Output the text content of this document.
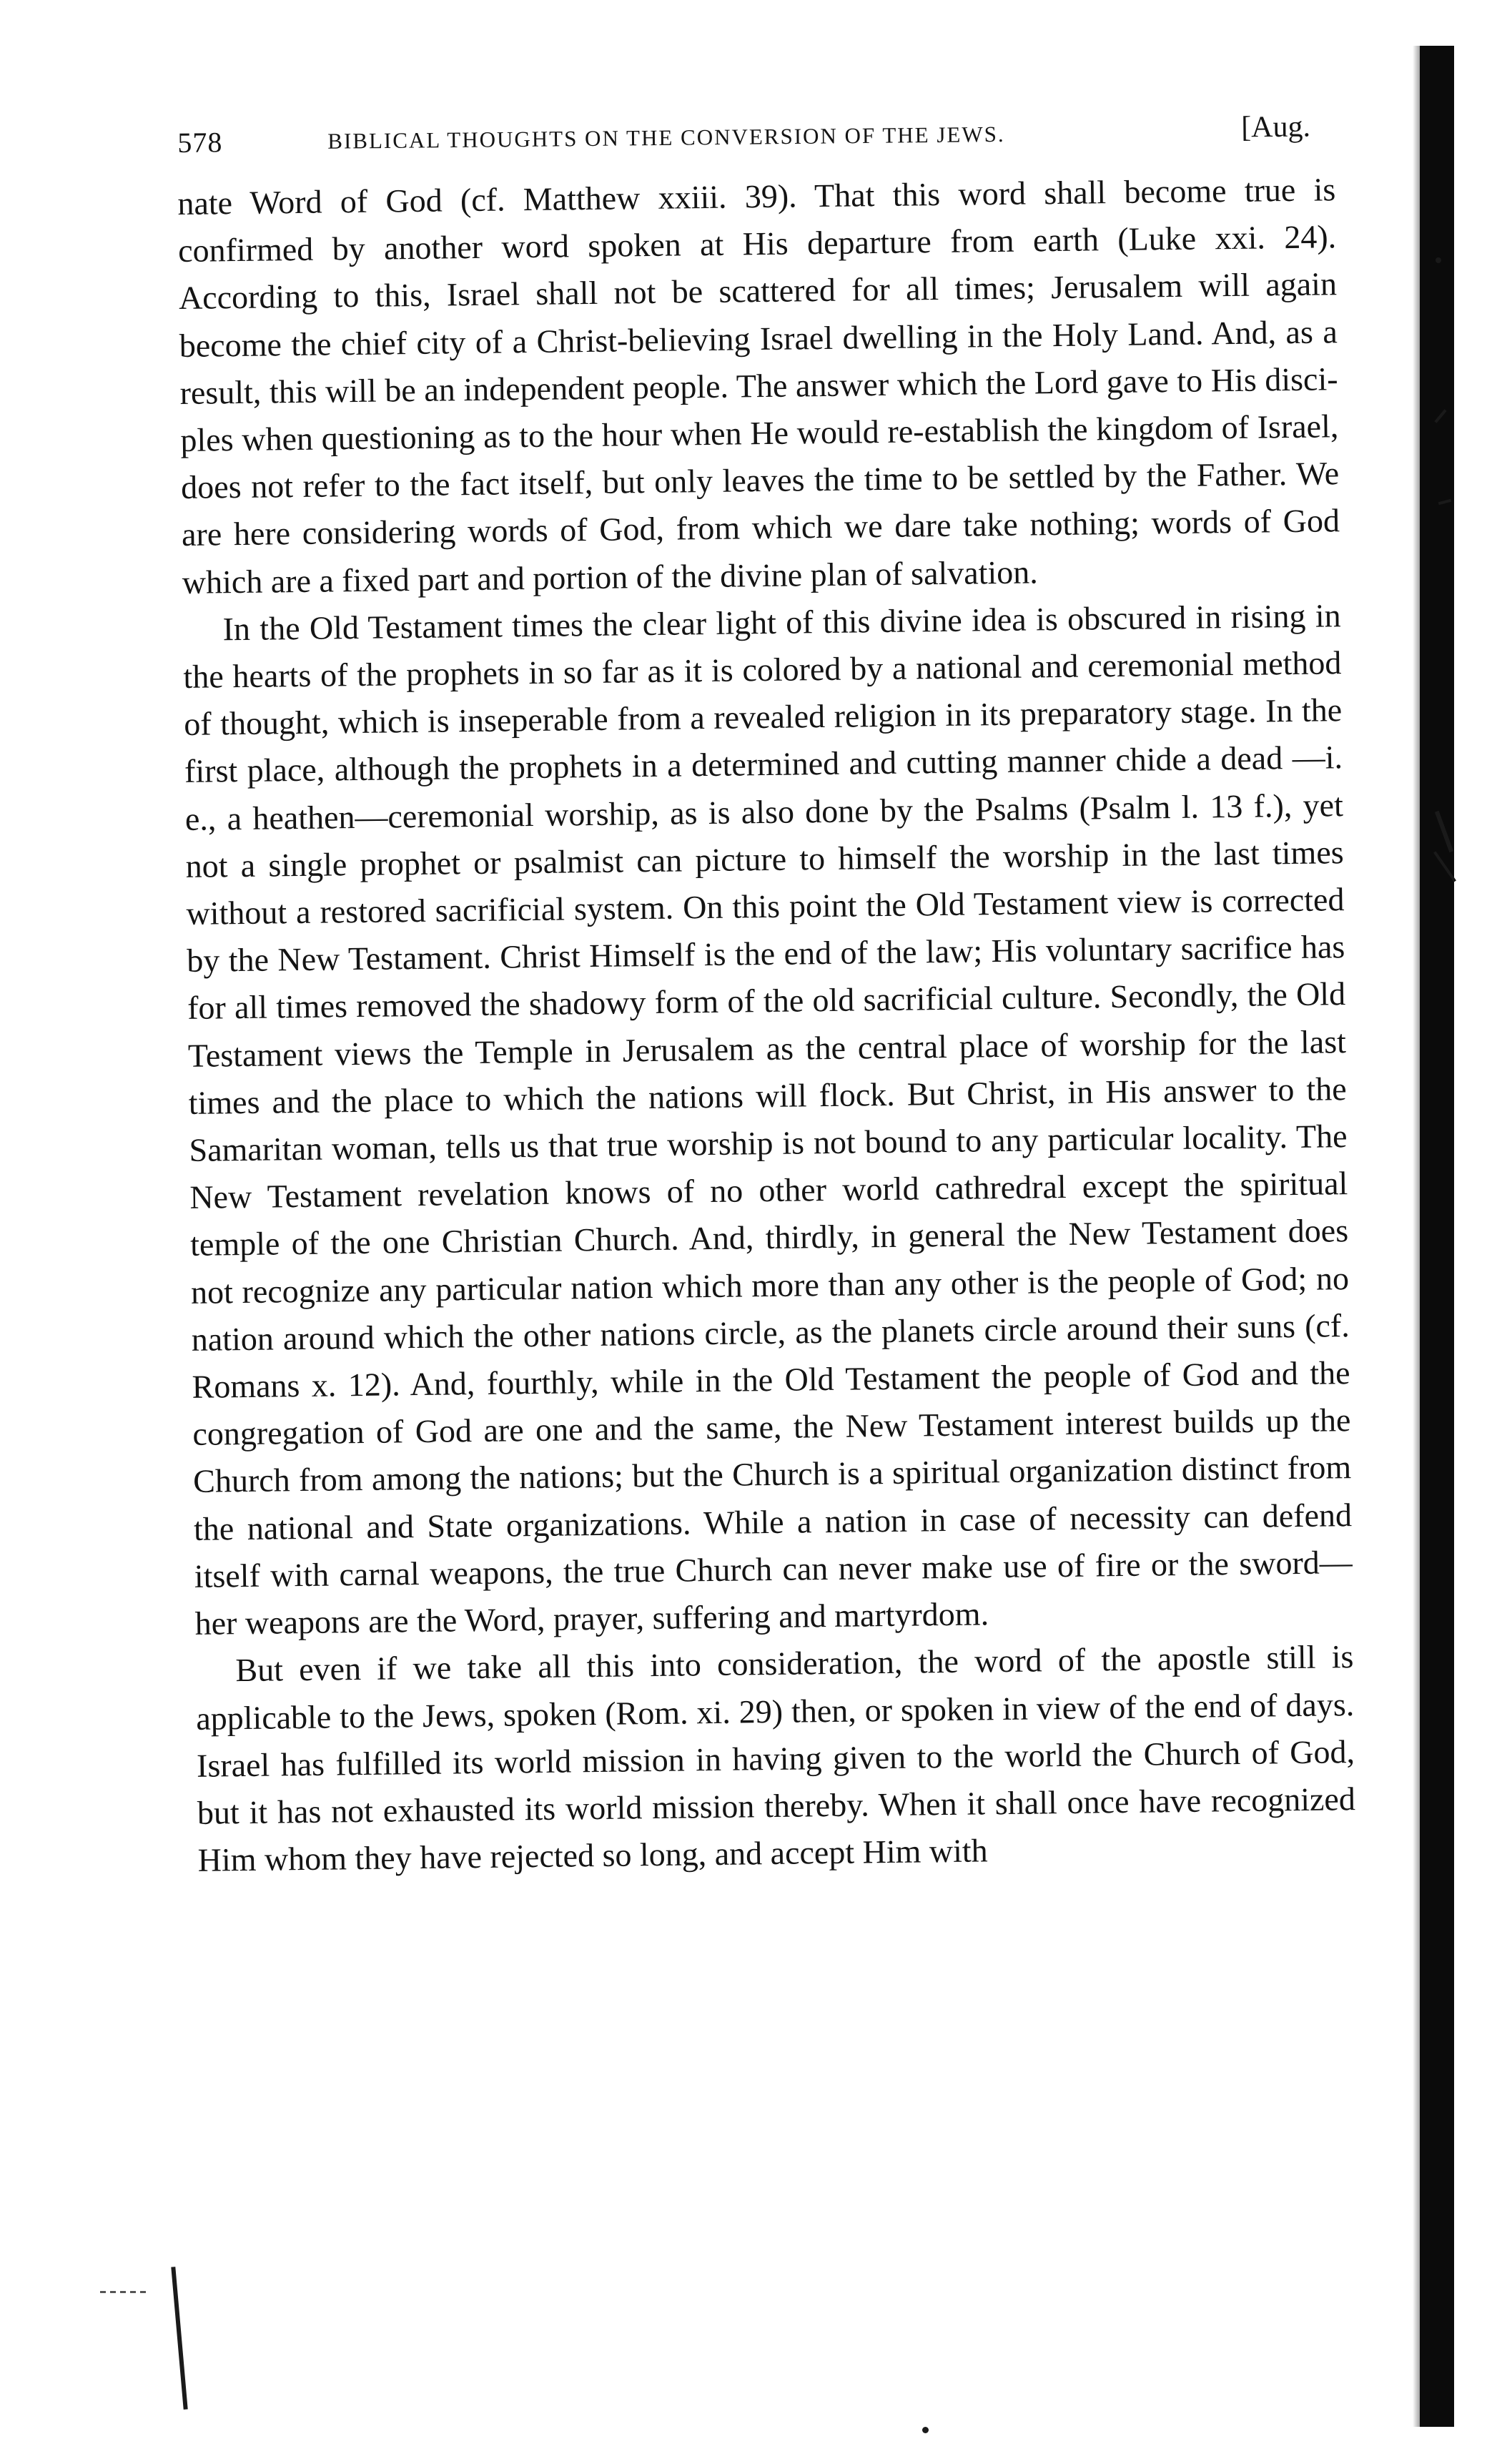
578	BIBLICAL THOUGHTS ON THE CONVERSION OF THE JEWS.	[Aug.

nate Word of God (cf. Matthew xxiii. 39). That this word shall become true is confirmed by another word spoken at His departure from earth (Luke xxi. 24). According to this, Israel shall not be scattered for all times; Jerusalem will again become the chief city of a Christ-believing Israel dwelling in the Holy Land. And, as a result, this will be an independent people. The answer which the Lord gave to His disciples when questioning as to the hour when He would re-establish the kingdom of Israel, does not refer to the fact itself, but only leaves the time to be settled by the Father. We are here considering words of God, from which we dare take nothing; words of God which are a fixed part and portion of the divine plan of salvation.

In the Old Testament times the clear light of this divine idea is obscured in rising in the hearts of the prophets in so far as it is colored by a national and ceremonial method of thought, which is inseperable from a revealed religion in its preparatory stage. In the first place, although the prophets in a determined and cutting manner chide a dead —i. e., a heathen—ceremonial worship, as is also done by the Psalms (Psalm l. 13 f.), yet not a single prophet or psalmist can picture to himself the worship in the last times without a restored sacrificial system. On this point the Old Testament view is corrected by the New Testament. Christ Himself is the end of the law; His voluntary sacrifice has for all times removed the shadowy form of the old sacrificial culture. Secondly, the Old Testament views the Temple in Jerusalem as the central place of worship for the last times and the place to which the nations will flock. But Christ, in His answer to the Samaritan woman, tells us that true worship is not bound to any particular locality. The New Testament revelation knows of no other world cathredral except the spiritual temple of the one Christian Church. And, thirdly, in general the New Testament does not recognize any particular nation which more than any other is the people of God; no nation around which the other nations circle, as the planets circle around their suns (cf. Romans x. 12). And, fourthly, while in the Old Testament the people of God and the congregation of God are one and the same, the New Testament interest builds up the Church from among the nations; but the Church is a spiritual organization distinct from the national and State organizations. While a nation in case of necessity can defend itself with carnal weapons, the true Church can never make use of fire or the sword—her weapons are the Word, prayer, suffering and martyrdom.

But even if we take all this into consideration, the word of the apostle still is applicable to the Jews, spoken (Rom. xi. 29) then, or spoken in view of the end of days. Israel has fulfilled its world mission in having given to the world the Church of God, but it has not exhausted its world mission thereby. When it shall once have recognized Him whom they have rejected so long, and accept Him with
